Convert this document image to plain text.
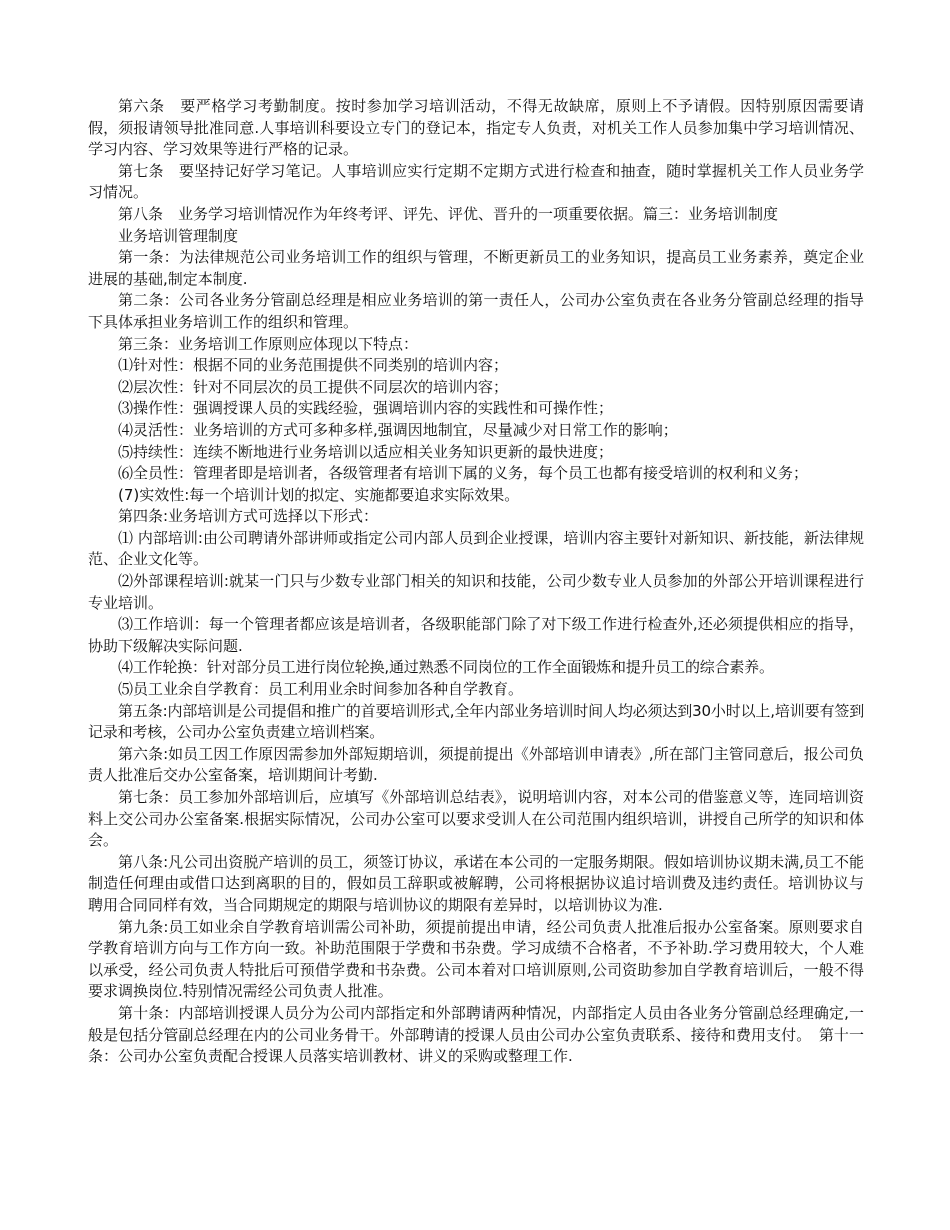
第六条　要严格学习考勤制度。按时参加学习培训活动，不得无故缺席，原则上不予请假。因特别原因需要请假，须报请领导批准同意.人事培训科要设立专门的登记本，指定专人负责，对机关工作人员参加集中学习培训情况、学习内容、学习效果等进行严格的记录。

第七条　要坚持记好学习笔记。人事培训应实行定期不定期方式进行检查和抽查，随时掌握机关工作人员业务学习情况。

第八条　业务学习培训情况作为年终考评、评先、评优、晋升的一项重要依据。篇三：业务培训制度

业务培训管理制度

第一条：为法律规范公司业务培训工作的组织与管理，不断更新员工的业务知识，提高员工业务素养，奠定企业进展的基础,制定本制度.

第二条：公司各业务分管副总经理是相应业务培训的第一责任人，公司办公室负责在各业务分管副总经理的指导下具体承担业务培训工作的组织和管理。

第三条：业务培训工作原则应体现以下特点：

⑴针对性：根据不同的业务范围提供不同类别的培训内容；

⑵层次性：针对不同层次的员工提供不同层次的培训内容；

⑶操作性：强调授课人员的实践经验，强调培训内容的实践性和可操作性；

⑷灵活性：业务培训的方式可多种多样,强调因地制宜，尽量减少对日常工作的影响；

⑸持续性：连续不断地进行业务培训以适应相关业务知识更新的最快进度；

⑹全员性：管理者即是培训者，各级管理者有培训下属的义务，每个员工也都有接受培训的权利和义务；

(7)实效性:每一个培训计划的拟定、实施都要追求实际效果。

第四条:业务培训方式可选择以下形式：

⑴ 内部培训:由公司聘请外部讲师或指定公司内部人员到企业授课，培训内容主要针对新知识、新技能，新法律规范、企业文化等。

⑵外部课程培训:就某一门只与少数专业部门相关的知识和技能，公司少数专业人员参加的外部公开培训课程进行专业培训。

⑶工作培训：每一个管理者都应该是培训者，各级职能部门除了对下级工作进行检查外,还必须提供相应的指导，协助下级解决实际问题.

⑷工作轮换：针对部分员工进行岗位轮换,通过熟悉不同岗位的工作全面锻炼和提升员工的综合素养。

⑸员工业余自学教育：员工利用业余时间参加各种自学教育。

第五条:内部培训是公司提倡和推广的首要培训形式,全年内部业务培训时间人均必须达到30小时以上,培训要有签到记录和考核，公司办公室负责建立培训档案。

第六条:如员工因工作原因需参加外部短期培训，须提前提出《外部培训申请表》,所在部门主管同意后，报公司负责人批准后交办公室备案，培训期间计考勤.

第七条：员工参加外部培训后，应填写《外部培训总结表》，说明培训内容，对本公司的借鉴意义等，连同培训资料上交公司办公室备案.根据实际情况，公司办公室可以要求受训人在公司范围内组织培训，讲授自己所学的知识和体会。

第八条:凡公司出资脱产培训的员工，须签订协议，承诺在本公司的一定服务期限。假如培训协议期未满,员工不能制造任何理由或借口达到离职的目的，假如员工辞职或被解聘，公司将根据协议追讨培训费及违约责任。培训协议与聘用合同同样有效，当合同期规定的期限与培训协议的期限有差异时，以培训协议为准.

第九条:员工如业余自学教育培训需公司补助，须提前提出申请，经公司负责人批准后报办公室备案。原则要求自学教育培训方向与工作方向一致。补助范围限于学费和书杂费。学习成绩不合格者，不予补助.学习费用较大，个人难以承受，经公司负责人特批后可预借学费和书杂费。公司本着对口培训原则,公司资助参加自学教育培训后，一般不得要求调换岗位.特别情况需经公司负责人批准。

第十条：内部培训授课人员分为公司内部指定和外部聘请两种情况，内部指定人员由各业务分管副总经理确定,一般是包括分管副总经理在内的公司业务骨干。外部聘请的授课人员由公司办公室负责联系、接待和费用支付。　第十一条：公司办公室负责配合授课人员落实培训教材、讲义的采购或整理工作.
